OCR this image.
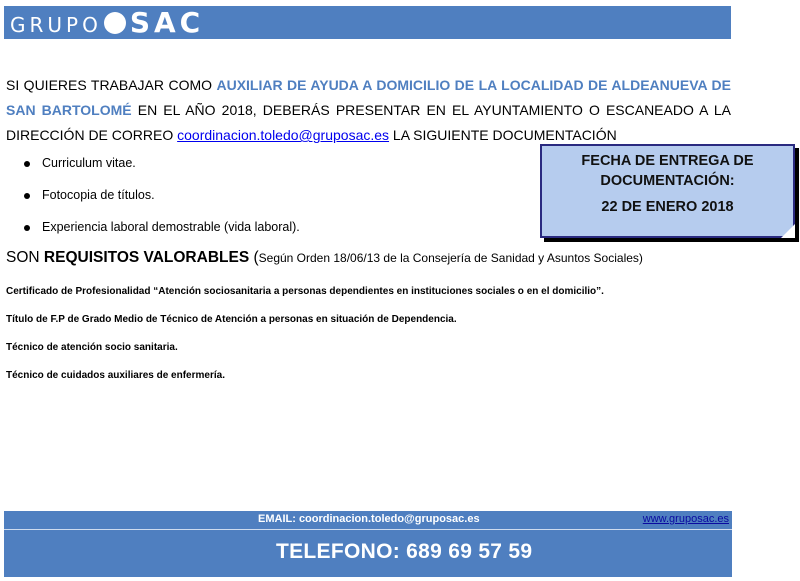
grupo SAC
SI QUIERES TRABAJAR COMO AUXILIAR DE AYUDA A DOMICILIO DE LA LOCALIDAD DE ALDEANUEVA DE SAN BARTOLOMÉ EN EL AÑO 2018, DEBERÁS PRESENTAR EN EL AYUNTAMIENTO O ESCANEADO A LA DIRECCIÓN DE CORREO coordinacion.toledo@gruposac.es LA SIGUIENTE DOCUMENTACIÓN
Curriculum vitae.
Fotocopia de títulos.
Experiencia laboral demostrable (vida laboral).
FECHA DE ENTREGA DE
DOCUMENTACIÓN:
22 DE ENERO 2018
SON REQUISITOS VALORABLES (Según Orden 18/06/13 de la Consejería de Sanidad y Asuntos Sociales)
Certificado de Profesionalidad “Atención sociosanitaria a personas dependientes en instituciones sociales o en el domicilio”.
Título de F.P de Grado Medio de Técnico de Atención a personas en situación de Dependencia.
Técnico de atención socio sanitaria.
Técnico de cuidados auxiliares de enfermería.
EMAIL: coordinacion.toledo@gruposac.es	www.gruposac.es
TELEFONO: 689 69 57 59
